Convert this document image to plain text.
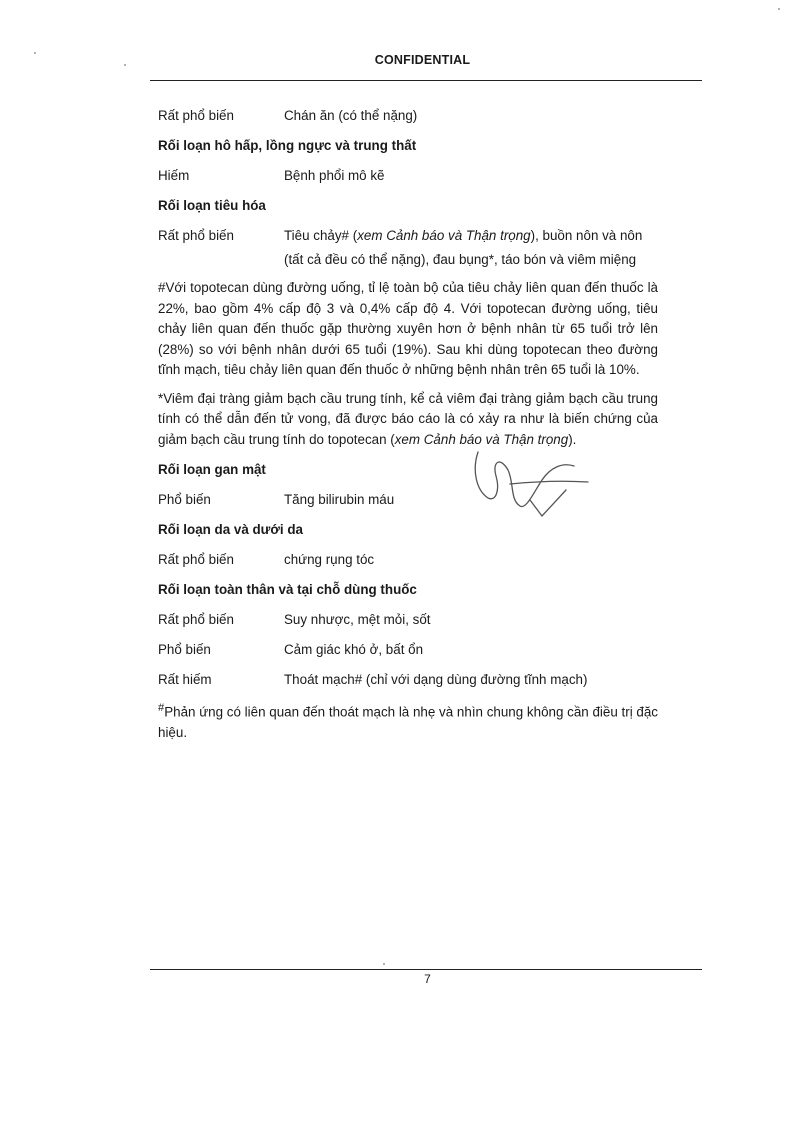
CONFIDENTIAL
Rất phổ biến	Chán ăn (có thể nặng)
Rối loạn hô hấp, lồng ngực và trung thất
Hiếm	Bệnh phổi mô kẽ
Rối loạn tiêu hóa
Rất phổ biến	Tiêu chảy# (xem Cảnh báo và Thận trọng), buồn nôn và nôn (tất cả đều có thể nặng), đau bụng*, táo bón và viêm miệng

#Với topotecan dùng đường uống, tỉ lệ toàn bộ của tiêu chảy liên quan đến thuốc là 22%, bao gồm 4% cấp độ 3 và 0,4% cấp độ 4. Với topotecan đường uống, tiêu chảy liên quan đến thuốc gặp thường xuyên hơn ở bệnh nhân từ 65 tuổi trở lên (28%) so với bệnh nhân dưới 65 tuổi (19%). Sau khi dùng topotecan theo đường tĩnh mạch, tiêu chảy liên quan đến thuốc ở những bệnh nhân trên 65 tuổi là 10%.

*Viêm đại tràng giảm bạch cầu trung tính, kể cả viêm đại tràng giảm bạch cầu trung tính có thể dẫn đến tử vong, đã được báo cáo là có xảy ra như là biến chứng của giảm bạch cầu trung tính do topotecan (xem Cảnh báo và Thận trọng).

Rối loạn gan mật
Phổ biến	Tăng bilirubin máu
Rối loạn da và dưới da
Rất phổ biến	chứng rụng tóc
Rối loạn toàn thân và tại chỗ dùng thuốc
Rất phổ biến	Suy nhược, mệt mỏi, sốt
Phổ biến	Cảm giác khó ở, bất ổn
Rất hiếm	Thoát mạch# (chỉ với dạng dùng đường tĩnh mạch)

#Phản ứng có liên quan đến thoát mạch là nhẹ và nhìn chung không cần điều trị đặc hiệu.

7
